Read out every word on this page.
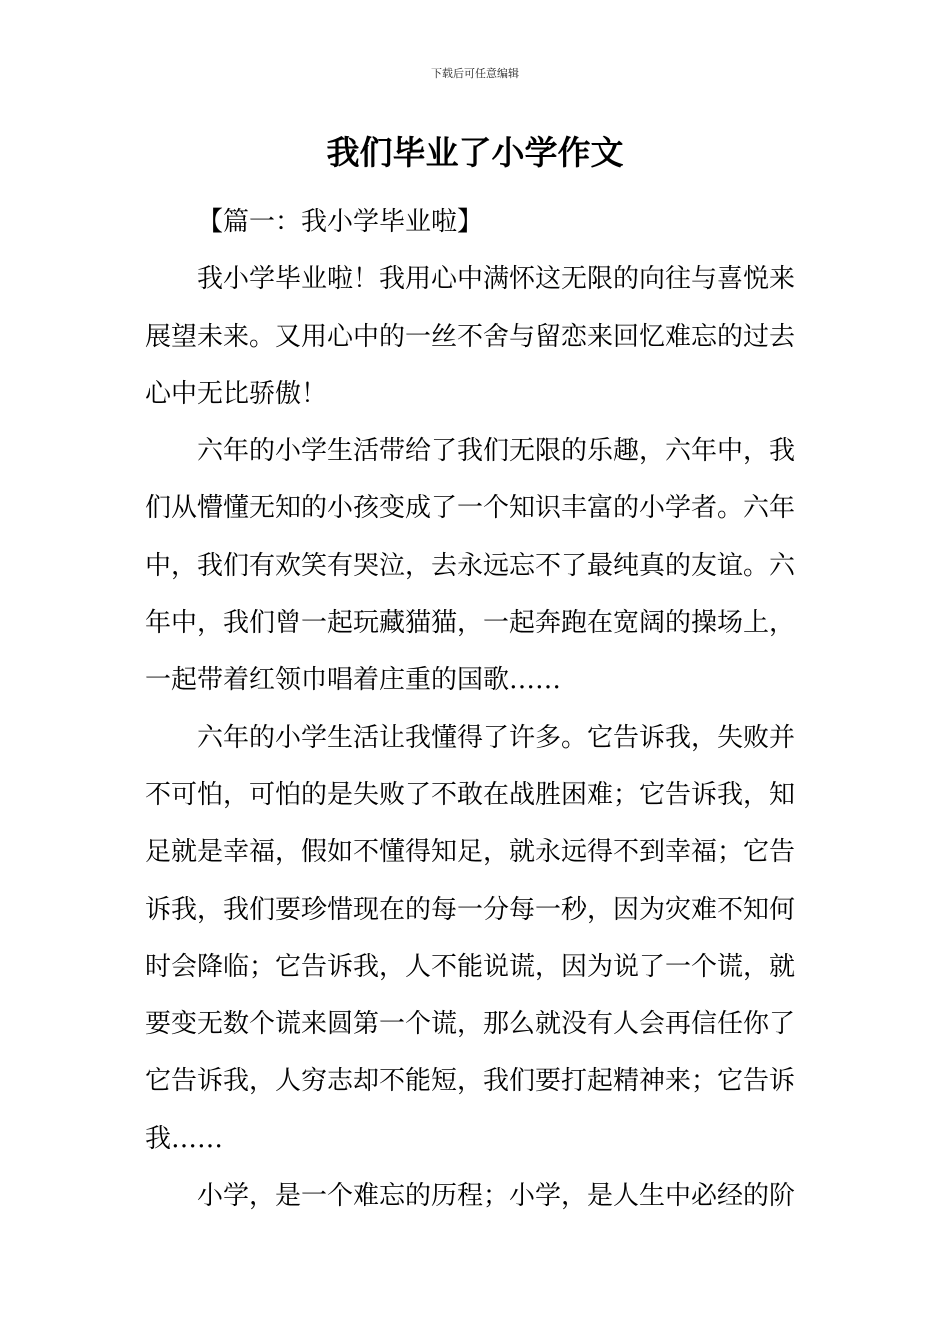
下载后可任意编辑
我们毕业了小学作文
【篇一：我小学毕业啦】
我小学毕业啦！我用心中满怀这无限的向往与喜悦来
展望未来。又用心中的一丝不舍与留恋来回忆难忘的过去
心中无比骄傲！
六年的小学生活带给了我们无限的乐趣，六年中，我
们从懵懂无知的小孩变成了一个知识丰富的小学者。六年
中，我们有欢笑有哭泣，去永远忘不了最纯真的友谊。六
年中，我们曾一起玩藏猫猫，一起奔跑在宽阔的操场上，
一起带着红领巾唱着庄重的国歌……
六年的小学生活让我懂得了许多。它告诉我，失败并
不可怕，可怕的是失败了不敢在战胜困难；它告诉我，知
足就是幸福，假如不懂得知足，就永远得不到幸福；它告
诉我，我们要珍惜现在的每一分每一秒，因为灾难不知何
时会降临；它告诉我，人不能说谎，因为说了一个谎，就
要变无数个谎来圆第一个谎，那么就没有人会再信任你了
它告诉我，人穷志却不能短，我们要打起精神来；它告诉
我……
小学，是一个难忘的历程；小学，是人生中必经的阶
